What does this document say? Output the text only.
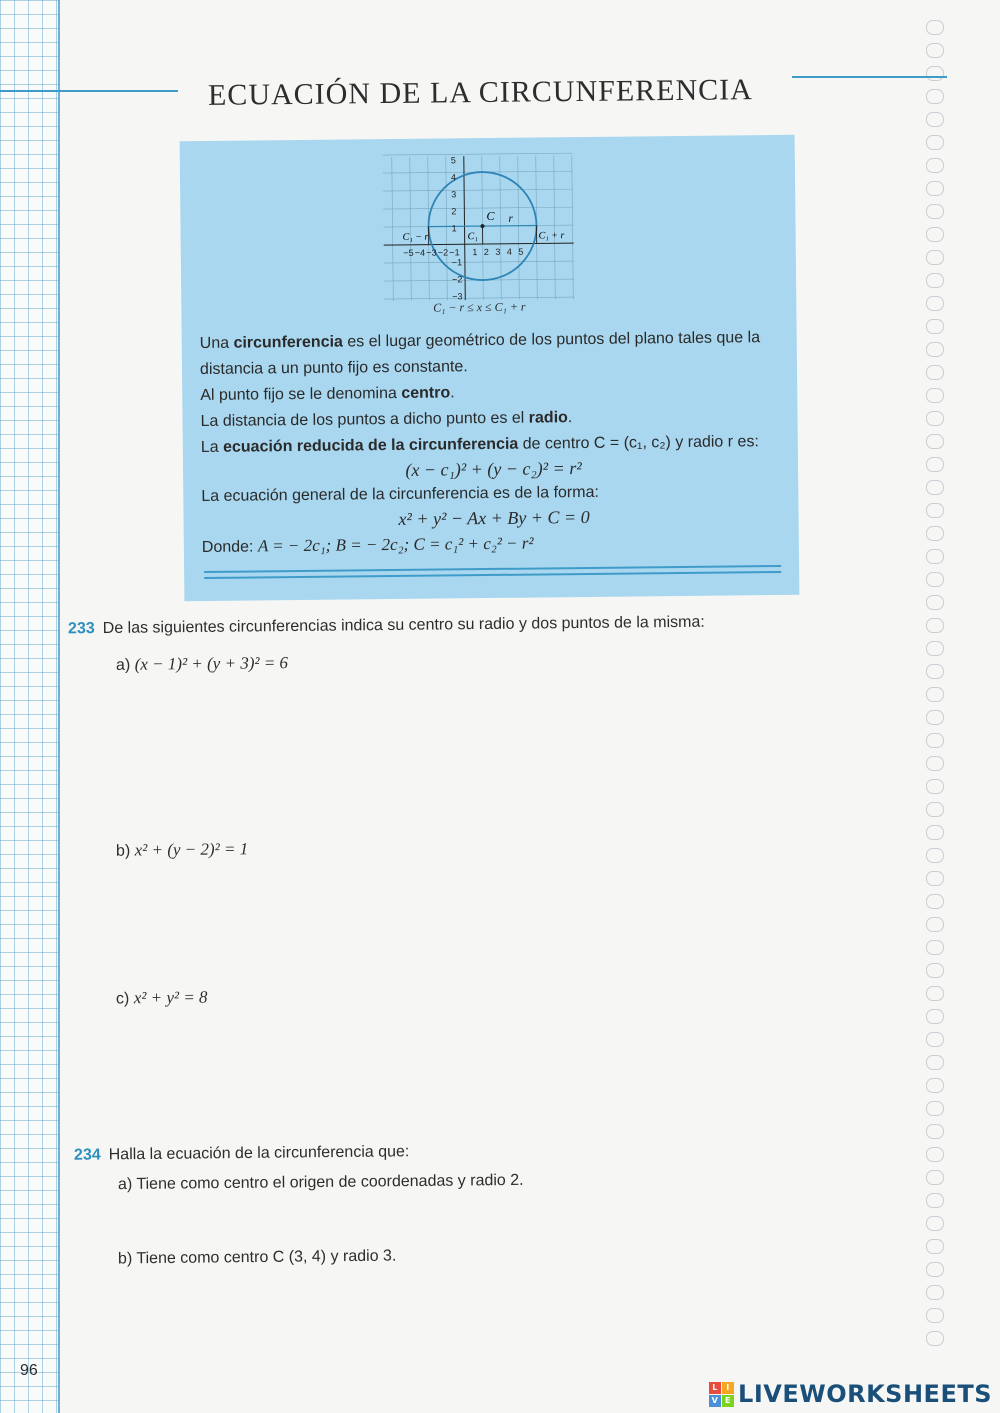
ECUACIÓN DE LA CIRCUNFERENCIA
−5 −4 −3 −2 −1 1 2 3 4 5
5
4
3
2
1
−1
−2
−3
C r
C₁
C₁ − r	C₁ + r
C₁ − r ≤ x ≤ C₁ + r

Una circunferencia es el lugar geométrico de los puntos del plano tales que la distancia a un punto fijo es constante.

Al punto fijo se le denomina centro.

La distancia de los puntos a dicho punto es el radio.

La ecuación reducida de la circunferencia de centro C = (c₁, c₂) y radio r es:

(x − c₁)² + (y − c₂)² = r²

La ecuación general de la circunferencia es de la forma:

x² + y² − Ax + By + C = 0

Donde: A = − 2c₁; B = − 2c₂; C = c₁² + c₂² − r²

233 De las siguientes circunferencias indica su centro su radio y dos puntos de la misma:
a) (x − 1)² + (y + 3)² = 6
b) x² + (y − 2)² = 1
c) x² + y² = 8
234 Halla la ecuación de la circunferencia que:
a) Tiene como centro el origen de coordenadas y radio 2.
b) Tiene como centro C (3, 4) y radio 3.
96
L	I
V E LIVEWORKSHEETS
